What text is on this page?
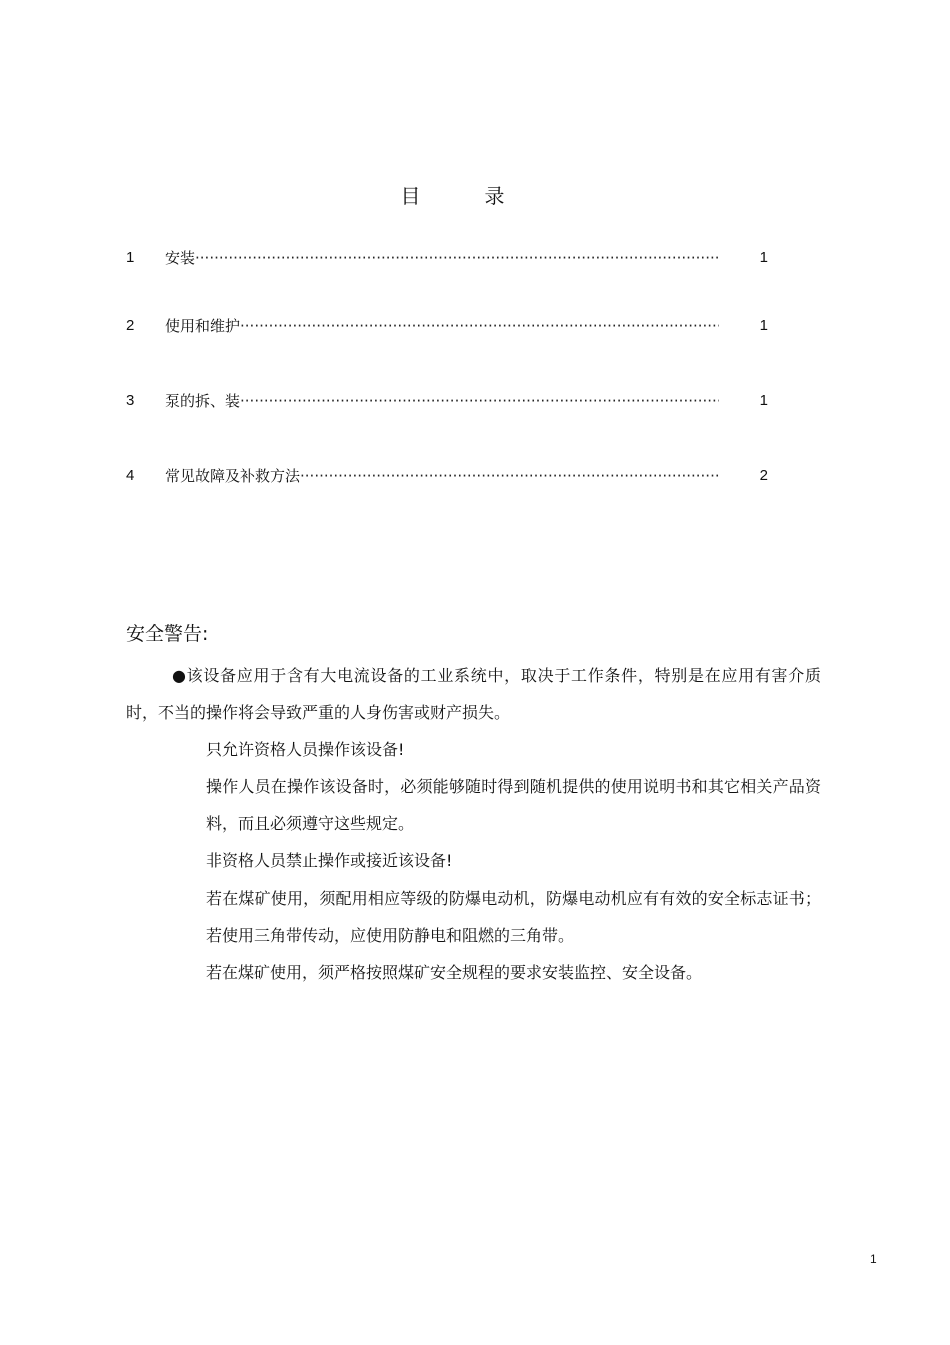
目　录
1 安装 ·····	1
2 使用和维护 ·····	1
3 泵的拆、装 ·····	1
4 常见故障及补救方法 ·····	2
安全警告:
●该设备应用于含有大电流设备的工业系统中，取决于工作条件，特别是在应用有害介质时，不当的操作将会导致严重的人身伤害或财产损失。
只允许资格人员操作该设备!
操作人员在操作该设备时，必须能够随时得到随机提供的使用说明书和其它相关产品资料，而且必须遵守这些规定。
非资格人员禁止操作或接近该设备!
若在煤矿使用，须配用相应等级的防爆电动机，防爆电动机应有有效的安全标志证书；若使用三角带传动，应使用防静电和阻燃的三角带。
若在煤矿使用，须严格按照煤矿安全规程的要求安装监控、安全设备。
1
